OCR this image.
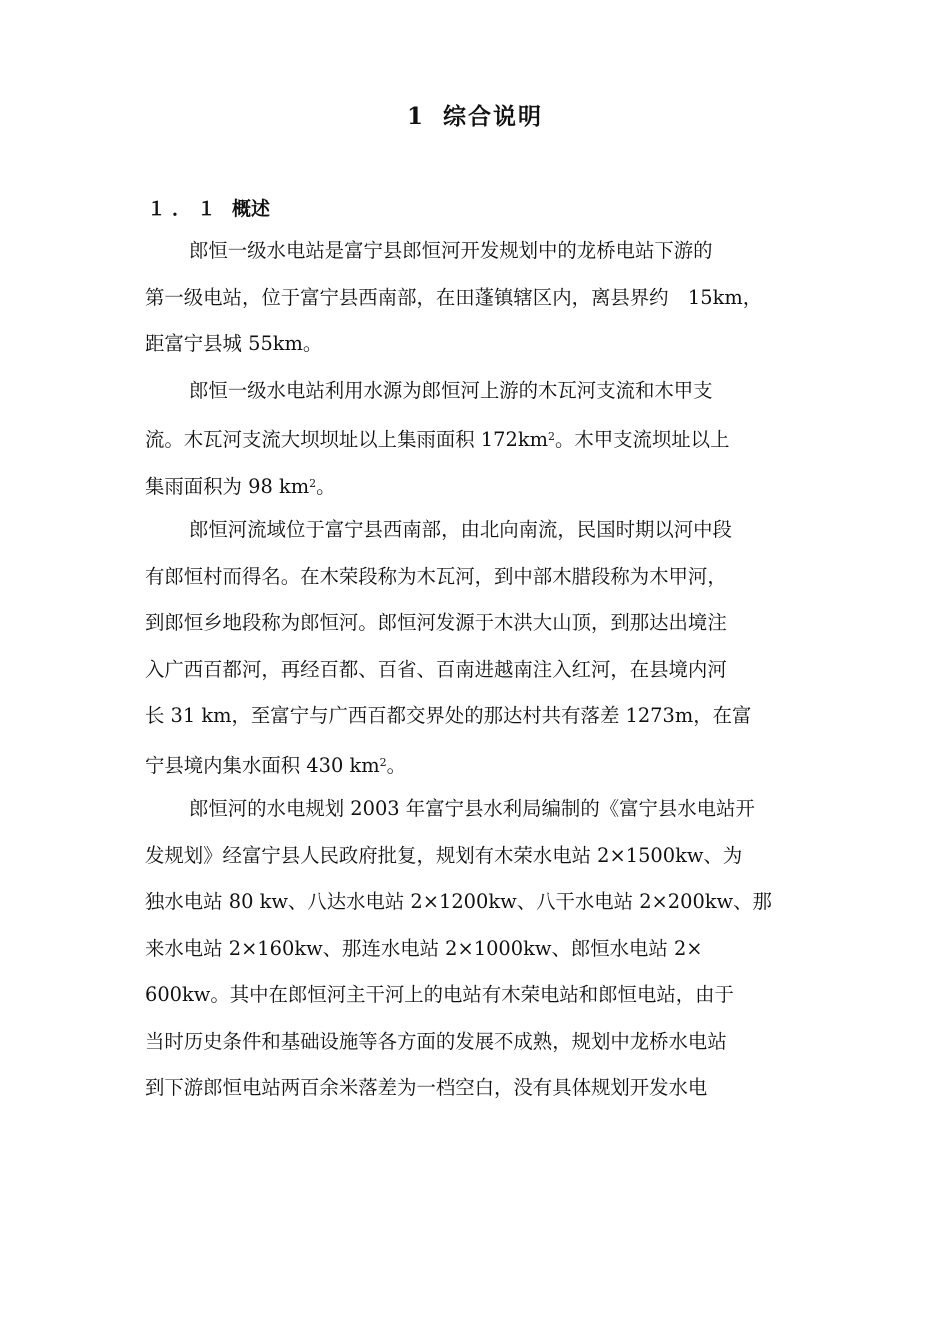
1 综合说明
１．１ 概述
郎恒一级水电站是富宁县郎恒河开发规划中的龙桥电站下游的
第一级电站，位于富宁县西南部，在田蓬镇辖区内，离县界约　15km，
距富宁县城 55km。
郎恒一级水电站利用水源为郎恒河上游的木瓦河支流和木甲支
流。木瓦河支流大坝坝址以上集雨面积 $172km^2$。木甲支流坝址以上
集雨面积为 98 $km^2$。
郎恒河流域位于富宁县西南部，由北向南流，民国时期以河中段
有郎恒村而得名。在木荣段称为木瓦河，到中部木腊段称为木甲河，
到郎恒乡地段称为郎恒河。郎恒河发源于木洪大山顶，到那达出境注
入广西百都河，再经百都、百省、百南进越南注入红河，在县境内河
长 31 km，至富宁与广西百都交界处的那达村共有落差 1273m，在富
宁县境内集水面积 430 $km^2$。
郎恒河的水电规划 2003 年富宁县水利局编制的《富宁县水电站开
发规划》经富宁县人民政府批复，规划有木荣水电站 2×1500kw、为
独水电站 80 kw、八达水电站 2×1200kw、八干水电站 2×200kw、那
来水电站 2×160kw、那连水电站 2×1000kw、郎恒水电站 2×
600kw。其中在郎恒河主干河上的电站有木荣电站和郎恒电站，由于
当时历史条件和基础设施等各方面的发展不成熟，规划中龙桥水电站
到下游郎恒电站两百余米落差为一档空白，没有具体规划开发水电
